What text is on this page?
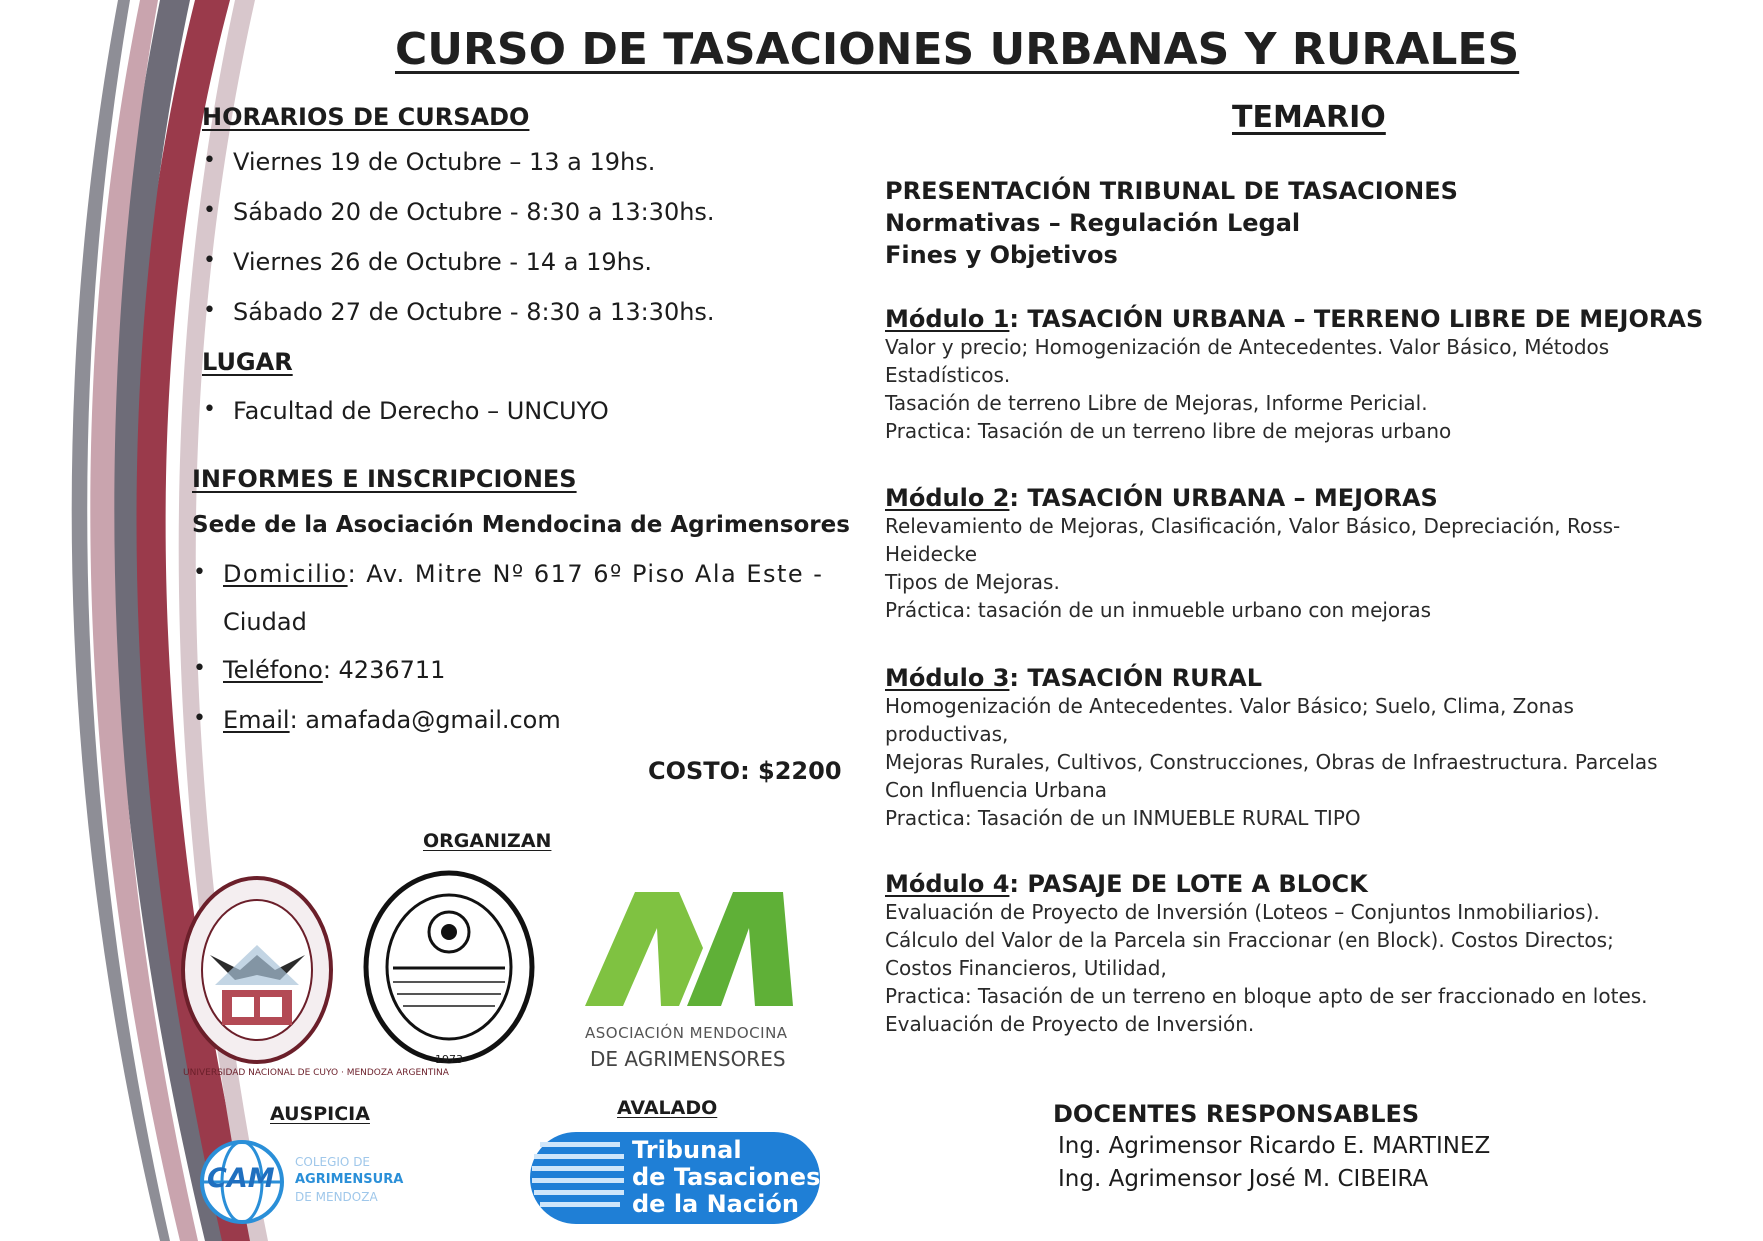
CURSO DE TASACIONES URBANAS Y RURALES
HORARIOS DE CURSADO
• Viernes 19 de Octubre – 13 a 19hs.
• Sábado 20 de Octubre - 8:30 a 13:30hs.
• Viernes 26 de Octubre - 14 a 19hs.
• Sábado 27 de Octubre - 8:30 a 13:30hs.
LUGAR
• Facultad de Derecho – UNCUYO
INFORMES E INSCRIPCIONES
Sede de la Asociación Mendocina de Agrimensores
• Domicilio: Av. Mitre Nº 617 6º Piso Ala Este -
Ciudad
• Teléfono: 4236711
• Email: amafada@gmail.com
COSTO: $2200
ORGANIZAN
UNIVERSIDAD NACIONAL DE CUYO · MENDOZA ARGENTINA
1973
ASOCIACIÓN MENDOCINA
DE AGRIMENSORES
AUSPICIA	AVALADO
CAM
COLEGIO DE
AGRIMENSURA
DE MENDOZA
Tribunal
de Tasaciones
de la Nación
TEMARIO
PRESENTACIÓN TRIBUNAL DE TASACIONES
Normativas – Regulación Legal
Fines y Objetivos
Módulo 1: TASACIÓN URBANA – TERRENO LIBRE DE MEJORAS
Valor y precio; Homogenización de Antecedentes. Valor Básico, Métodos
Estadísticos.
Tasación de terreno Libre de Mejoras, Informe Pericial.
Practica: Tasación de un terreno libre de mejoras urbano
Módulo 2: TASACIÓN URBANA – MEJORAS
Relevamiento de Mejoras, Clasificación, Valor Básico, Depreciación, Ross-
Heidecke
Tipos de Mejoras.
Práctica: tasación de un inmueble urbano con mejoras
Módulo 3: TASACIÓN RURAL
Homogenización de Antecedentes. Valor Básico; Suelo, Clima, Zonas
productivas,
Mejoras Rurales, Cultivos, Construcciones, Obras de Infraestructura. Parcelas
Con Influencia Urbana
Practica: Tasación de un INMUEBLE RURAL TIPO
Módulo 4: PASAJE DE LOTE A BLOCK
Evaluación de Proyecto de Inversión (Loteos – Conjuntos Inmobiliarios).
Cálculo del Valor de la Parcela sin Fraccionar (en Block). Costos Directos;
Costos Financieros, Utilidad,
Practica: Tasación de un terreno en bloque apto de ser fraccionado en lotes.
Evaluación de Proyecto de Inversión.
DOCENTES RESPONSABLES
Ing. Agrimensor Ricardo E. MARTINEZ
Ing. Agrimensor José M. CIBEIRA
